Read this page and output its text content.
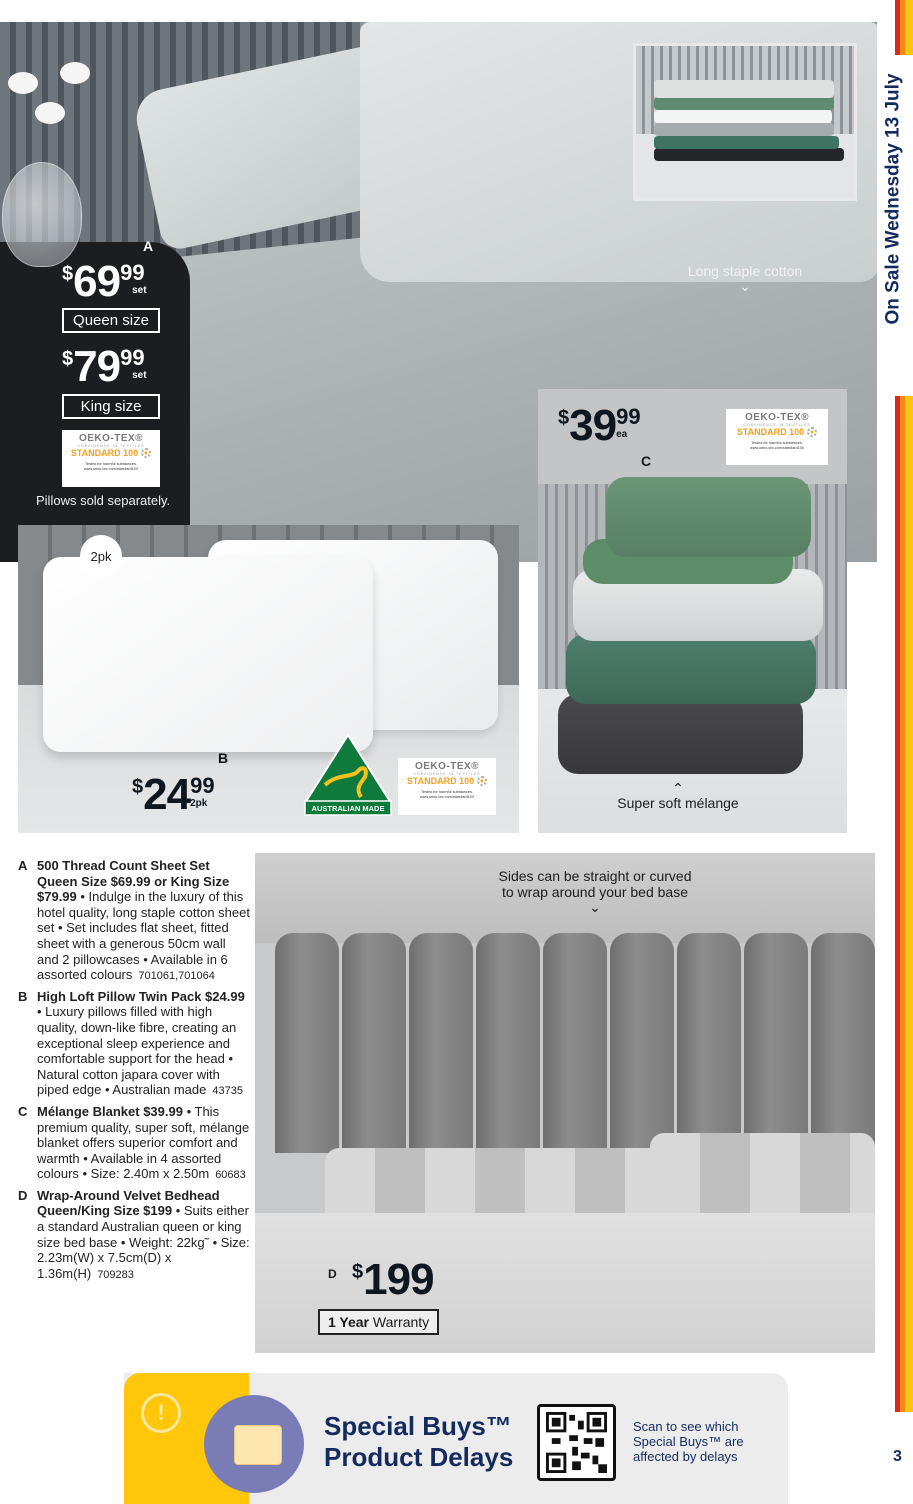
A
$ 69 99
set
Queen size
$ 79 99
set
King size
OEKO-TEX®
CONFIDENCE IN TEXTILES
STANDARD 100
Tested for harmful substances.
www.oeko-tex.com/standard100
Pillows sold separately.
Long staple cotton
⌄
2pk
B
$ 24 99
2pk	AUSTRALIAN MADE
OEKO-TEX®
CONFIDENCE IN TEXTILES
STANDARD 100
Tested for harmful substances.
www.oeko-tex.com/standard100
$ 39 99
ea
C
OEKO-TEX®
CONFIDENCE IN TEXTILES
STANDARD 100
Tested for harmful substances.
www.oeko-tex.com/standard100
⌃
Super soft mélange
A 500 Thread Count Sheet Set Queen Size $69.99 or King Size $79.99 • Indulge in the luxury of this hotel quality, long staple cotton sheet set • Set includes flat sheet, fitted sheet with a generous 50cm wall and 2 pillowcases • Available in 6 assorted colours 701061,701064
B High Loft Pillow Twin Pack $24.99 • Luxury pillows filled with high quality, down-like fibre, creating an exceptional sleep experience and comfortable support for the head • Natural cotton japara cover with piped edge • Australian made 43735
C Mélange Blanket $39.99 • This premium quality, super soft, mélange blanket offers superior comfort and warmth • Available in 4 assorted colours • Size: 2.40m x 2.50m 60683
D Wrap-Around Velvet Bedhead Queen/King Size $199 • Suits either a standard Australian queen or king size bed base • Weight: 22kg˜ • Size: 2.23m(W) x 7.5cm(D) x 1.36m(H) 709283
Sides can be straight or curved
to wrap around your bed base
⌄
D $ 199
1 Year Warranty
On Sale Wednesday 13 July
3
!	Special Buys™
Product Delays
Scan to see which
Special Buys™ are
affected by delays
